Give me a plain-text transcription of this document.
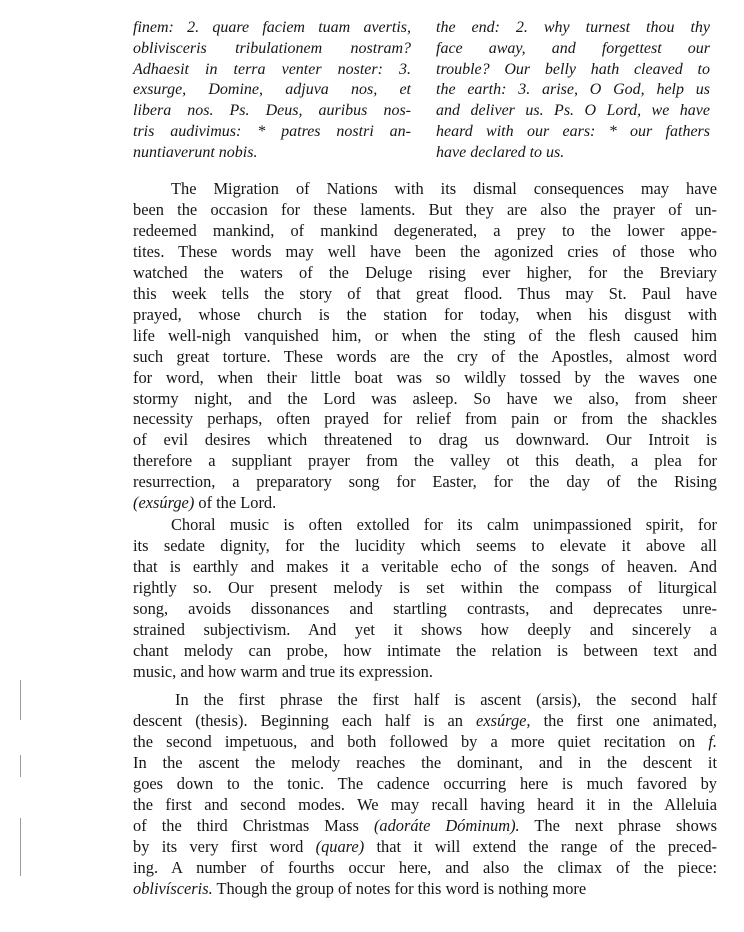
finem: 2. quare faciem tuam avertis,
oblivisceris tribulationem nostram?
Adhaesit in terra venter noster: 3.
exsurge, Domine, adjuva nos, et
libera nos. Ps. Deus, auribus nos-
tris audivimus: * patres nostri an-
nuntiaverunt nobis.
the end: 2. why turnest thou thy
face away, and forgettest our
trouble? Our belly hath cleaved to
the earth: 3. arise, O God, help us
and deliver us. Ps. O Lord, we have
heard with our ears: * our fathers
have declared to us.
The Migration of Nations with its dismal consequences may have
been the occasion for these laments. But they are also the prayer of un-
redeemed mankind, of mankind degenerated, a prey to the lower appe-
tites. These words may well have been the agonized cries of those who
watched the waters of the Deluge rising ever higher, for the Breviary
this week tells the story of that great flood. Thus may St. Paul have
prayed, whose church is the station for today, when his disgust with
life well-nigh vanquished him, or when the sting of the flesh caused him
such great torture. These words are the cry of the Apostles, almost word
for word, when their little boat was so wildly tossed by the waves one
stormy night, and the Lord was asleep. So have we also, from sheer
necessity perhaps, often prayed for relief from pain or from the shackles
of evil desires which threatened to drag us downward. Our Introit is
therefore a suppliant prayer from the valley ot this death, a plea for
resurrection, a preparatory song for Easter, for the day of the Rising
(exsúrge) of the Lord.
Choral music is often extolled for its calm unimpassioned spirit, for
its sedate dignity, for the lucidity which seems to elevate it above all
that is earthly and makes it a veritable echo of the songs of heaven. And
rightly so. Our present melody is set within the compass of liturgical
song, avoids dissonances and startling contrasts, and deprecates unre-
strained subjectivism. And yet it shows how deeply and sincerely a
chant melody can probe, how intimate the relation is between text and
music, and how warm and true its expression.
In the first phrase the first half is ascent (arsis), the second half
descent (thesis). Beginning each half is an exsúrge, the first one animated,
the second impetuous, and both followed by a more quiet recitation on f.
In the ascent the melody reaches the dominant, and in the descent it
goes down to the tonic. The cadence occurring here is much favored by
the first and second modes. We may recall having heard it in the Alleluia
of the third Christmas Mass (adoráte Dóminum). The next phrase shows
by its very first word (quare) that it will extend the range of the preced-
ing. A number of fourths occur here, and also the climax of the piece:
oblivísceris. Though the group of notes for this word is nothing more
